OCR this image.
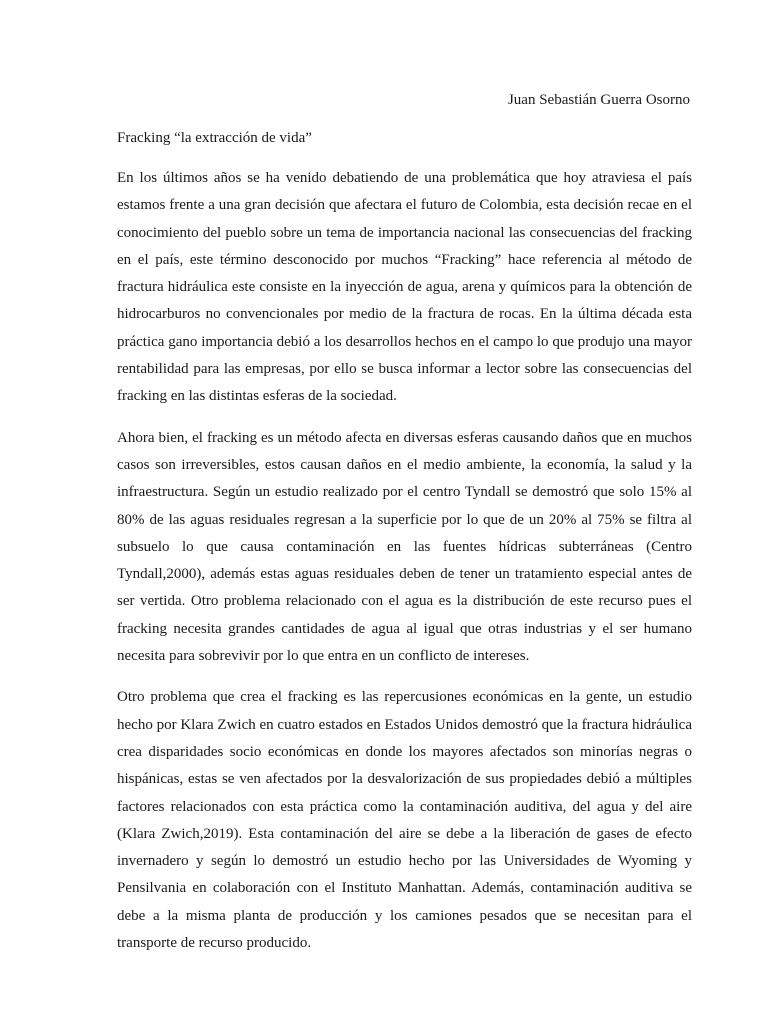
Juan Sebastián Guerra Osorno
Fracking “la extracción de vida”

En los últimos años se ha venido debatiendo de una problemática que hoy atraviesa el país estamos frente a una gran decisión que afectara el futuro de Colombia, esta decisión recae en el conocimiento del pueblo sobre un tema de importancia nacional las consecuencias del fracking en el país, este término desconocido por muchos “Fracking” hace referencia al método de fractura hidráulica este consiste en la inyección de agua, arena y químicos para la obtención de hidrocarburos no convencionales por medio de la fractura de rocas. En la última década esta práctica gano importancia debió a los desarrollos hechos en el campo lo que produjo una mayor rentabilidad para las empresas, por ello se busca informar a lector sobre las consecuencias del fracking en las distintas esferas de la sociedad.

Ahora bien, el fracking es un método afecta en diversas esferas causando daños que en muchos casos son irreversibles, estos causan daños en el medio ambiente, la economía, la salud y la infraestructura. Según un estudio realizado por el centro Tyndall se demostró que solo 15% al 80% de las aguas residuales regresan a la superficie por lo que de un 20% al 75% se filtra al subsuelo lo que causa contaminación en las fuentes hídricas subterráneas (Centro Tyndall,2000), además estas aguas residuales deben de tener un tratamiento especial antes de ser vertida. Otro problema relacionado con el agua es la distribución de este recurso pues el fracking necesita grandes cantidades de agua al igual que otras industrias y el ser humano necesita para sobrevivir por lo que entra en un conflicto de intereses.

Otro problema que crea el fracking es las repercusiones económicas en la gente, un estudio hecho por Klara Zwich en cuatro estados en Estados Unidos demostró que la fractura hidráulica crea disparidades socio económicas en donde los mayores afectados son minorías negras o hispánicas, estas se ven afectados por la desvalorización de sus propiedades debió a múltiples factores relacionados con esta práctica como la contaminación auditiva, del agua y del aire (Klara Zwich,2019). Esta contaminación del aire se debe a la liberación de gases de efecto invernadero y según lo demostró un estudio hecho por las Universidades de Wyoming y Pensilvania en colaboración con el Instituto Manhattan. Además, contaminación auditiva se debe a la misma planta de producción y los camiones pesados que se necesitan para el transporte de recurso producido.
